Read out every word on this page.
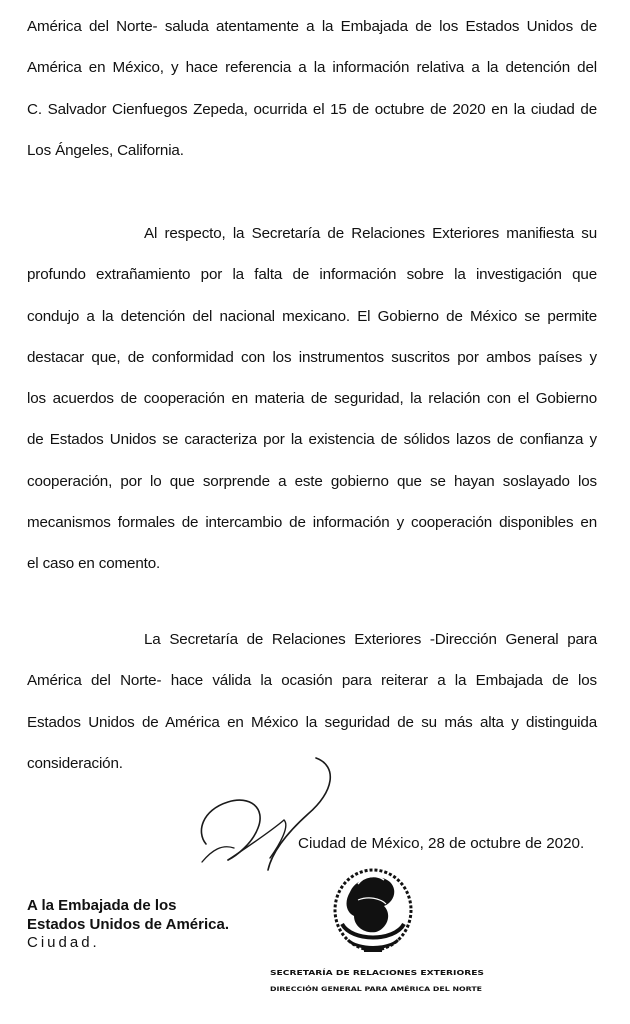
América del Norte- saluda atentamente a la Embajada de los Estados Unidos de
América en México, y hace referencia a la información relativa a la detención del
C. Salvador Cienfuegos Zepeda, ocurrida el 15 de octubre de 2020 en la ciudad de
Los Ángeles, California.
Al respecto, la Secretaría de Relaciones Exteriores manifiesta su
profundo extrañamiento por la falta de información sobre la investigación que
condujo a la detención del nacional mexicano. El Gobierno de México se permite
destacar que, de conformidad con los instrumentos suscritos por ambos países y
los acuerdos de cooperación en materia de seguridad, la relación con el Gobierno
de Estados Unidos se caracteriza por la existencia de sólidos lazos de confianza y
cooperación, por lo que sorprende a este gobierno que se hayan soslayado los
mecanismos formales de intercambio de información y cooperación disponibles en
el caso en comento.
La Secretaría de Relaciones Exteriores -Dirección General para
América del Norte- hace válida la ocasión para reiterar a la Embajada de los
Estados Unidos de América en México la seguridad de su más alta y distinguida
consideración.
Ciudad de México, 28 de octubre de 2020.
A la Embajada de los
Estados Unidos de América.
Ciudad.
SECRETARÍA DE RELACIONES EXTERIORES
DIRECCIÓN GENERAL PARA AMÉRICA DEL NORTE
